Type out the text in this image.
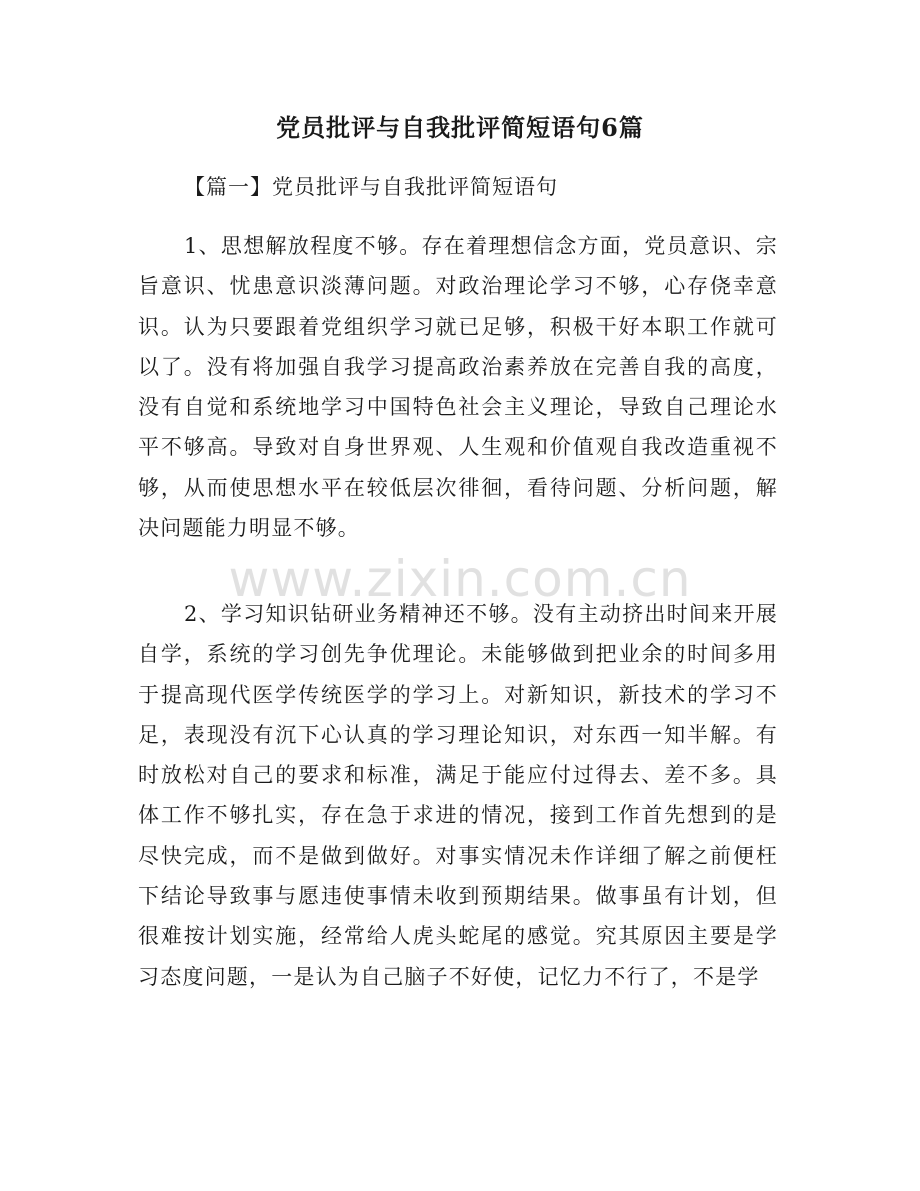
党员批评与自我批评简短语句6篇
【篇一】党员批评与自我批评简短语句

1、思想解放程度不够。存在着理想信念方面，党员意识、宗旨意识、忧患意识淡薄问题。对政治理论学习不够，心存侥幸意识。认为只要跟着党组织学习就已足够，积极干好本职工作就可以了。没有将加强自我学习提高政治素养放在完善自我的高度，没有自觉和系统地学习中国特色社会主义理论，导致自己理论水平不够高。导致对自身世界观、人生观和价值观自我改造重视不够，从而使思想水平在较低层次徘徊，看待问题、分析问题，解决问题能力明显不够。

2、学习知识钻研业务精神还不够。没有主动挤出时间来开展自学，系统的学习创先争优理论。未能够做到把业余的时间多用于提高现代医学传统医学的学习上。对新知识，新技术的学习不足，表现没有沉下心认真的学习理论知识，对东西一知半解。有时放松对自己的要求和标准，满足于能应付过得去、差不多。具体工作不够扎实，存在急于求进的情况，接到工作首先想到的是尽快完成，而不是做到做好。对事实情况未作详细了解之前便枉下结论导致事与愿违使事情未收到预期结果。做事虽有计划，但很难按计划实施，经常给人虎头蛇尾的感觉。究其原因主要是学习态度问题，一是认为自己脑子不好使，记忆力不行了，不是学

www.zixin.com.cn
